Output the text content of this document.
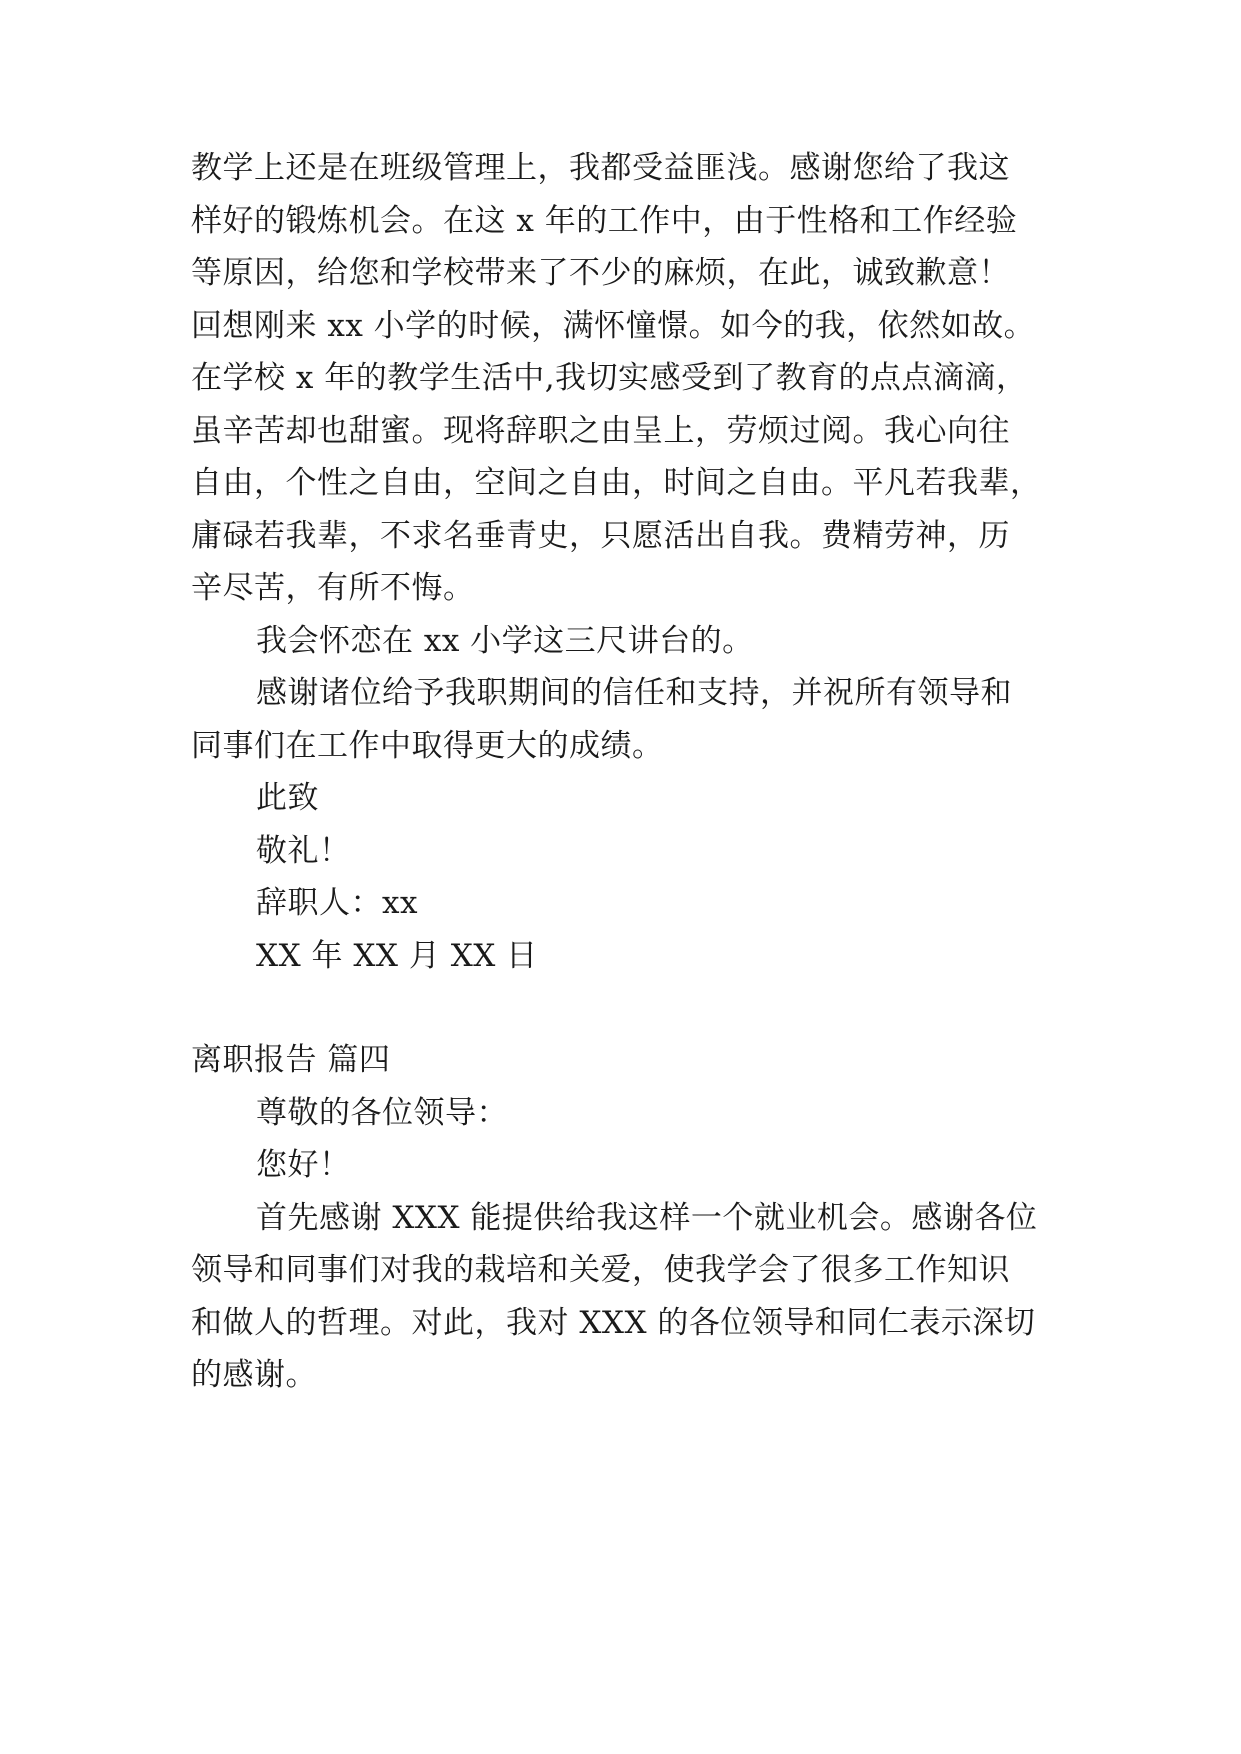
教学上还是在班级管理上，我都受益匪浅。感谢您给了我这
样好的锻炼机会。在这 x 年的工作中，由于性格和工作经验
等原因，给您和学校带来了不少的麻烦，在此，诚致歉意！
回想刚来 xx 小学的时候，满怀憧憬。如今的我，依然如故。
在学校 x 年的教学生活中,我切实感受到了教育的点点滴滴，
虽辛苦却也甜蜜。现将辞职之由呈上，劳烦过阅。我心向往
自由，个性之自由，空间之自由，时间之自由。平凡若我辈，
庸碌若我辈，不求名垂青史，只愿活出自我。费精劳神，历
辛尽苦，有所不悔。
我会怀恋在 xx 小学这三尺讲台的。
感谢诸位给予我职期间的信任和支持，并祝所有领导和
同事们在工作中取得更大的成绩。
此致
敬礼！
辞职人：xx
XX 年 XX 月 XX 日
离职报告 篇四
尊敬的各位领导：
您好！
首先感谢 XXX 能提供给我这样一个就业机会。感谢各位
领导和同事们对我的栽培和关爱，使我学会了很多工作知识
和做人的哲理。对此，我对 XXX 的各位领导和同仁表示深切
的感谢。
